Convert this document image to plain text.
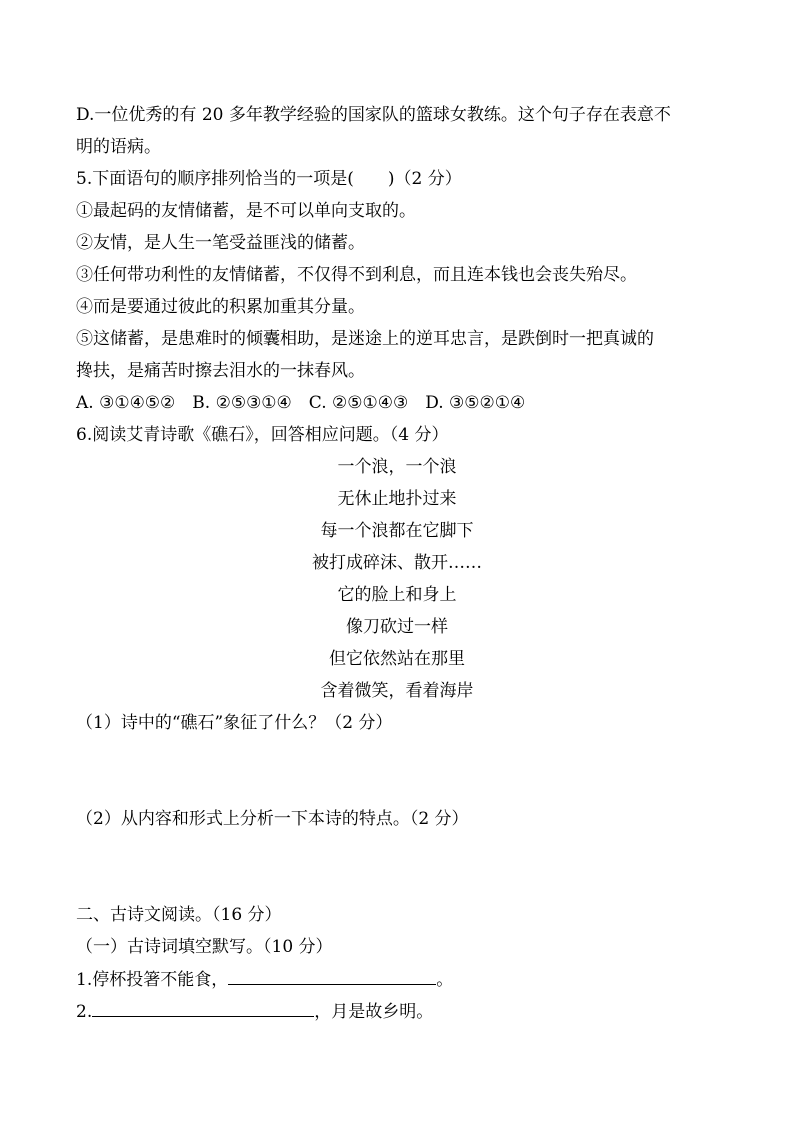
D.一位优秀的有 20 多年教学经验的国家队的篮球女教练。这个句子存在表意不
明的语病。
5.下面语句的顺序排列恰当的一项是(　　)（2 分）
①最起码的友情储蓄，是不可以单向支取的。
②友情，是人生一笔受益匪浅的储蓄。
③任何带功利性的友情储蓄，不仅得不到利息，而且连本钱也会丧失殆尽。
④而是要通过彼此的积累加重其分量。
⑤这储蓄，是患难时的倾囊相助，是迷途上的逆耳忠言，是跌倒时一把真诚的
搀扶，是痛苦时擦去泪水的一抹春风。
A. ③①④⑤②　B. ②⑤③①④　C. ②⑤①④③　D. ③⑤②①④
6.阅读艾青诗歌《礁石》，回答相应问题。（4 分）
一个浪，一个浪
无休止地扑过来
每一个浪都在它脚下
被打成碎沫、散开……
它的脸上和身上
像刀砍过一样
但它依然站在那里
含着微笑，看着海岸
（1）诗中的“礁石”象征了什么？（2 分）
（2）从内容和形式上分析一下本诗的特点。（2 分）
二、古诗文阅读。（16 分）
（一）古诗词填空默写。（10 分）
1.停杯投箸不能食，	。
2.	，月是故乡明。
